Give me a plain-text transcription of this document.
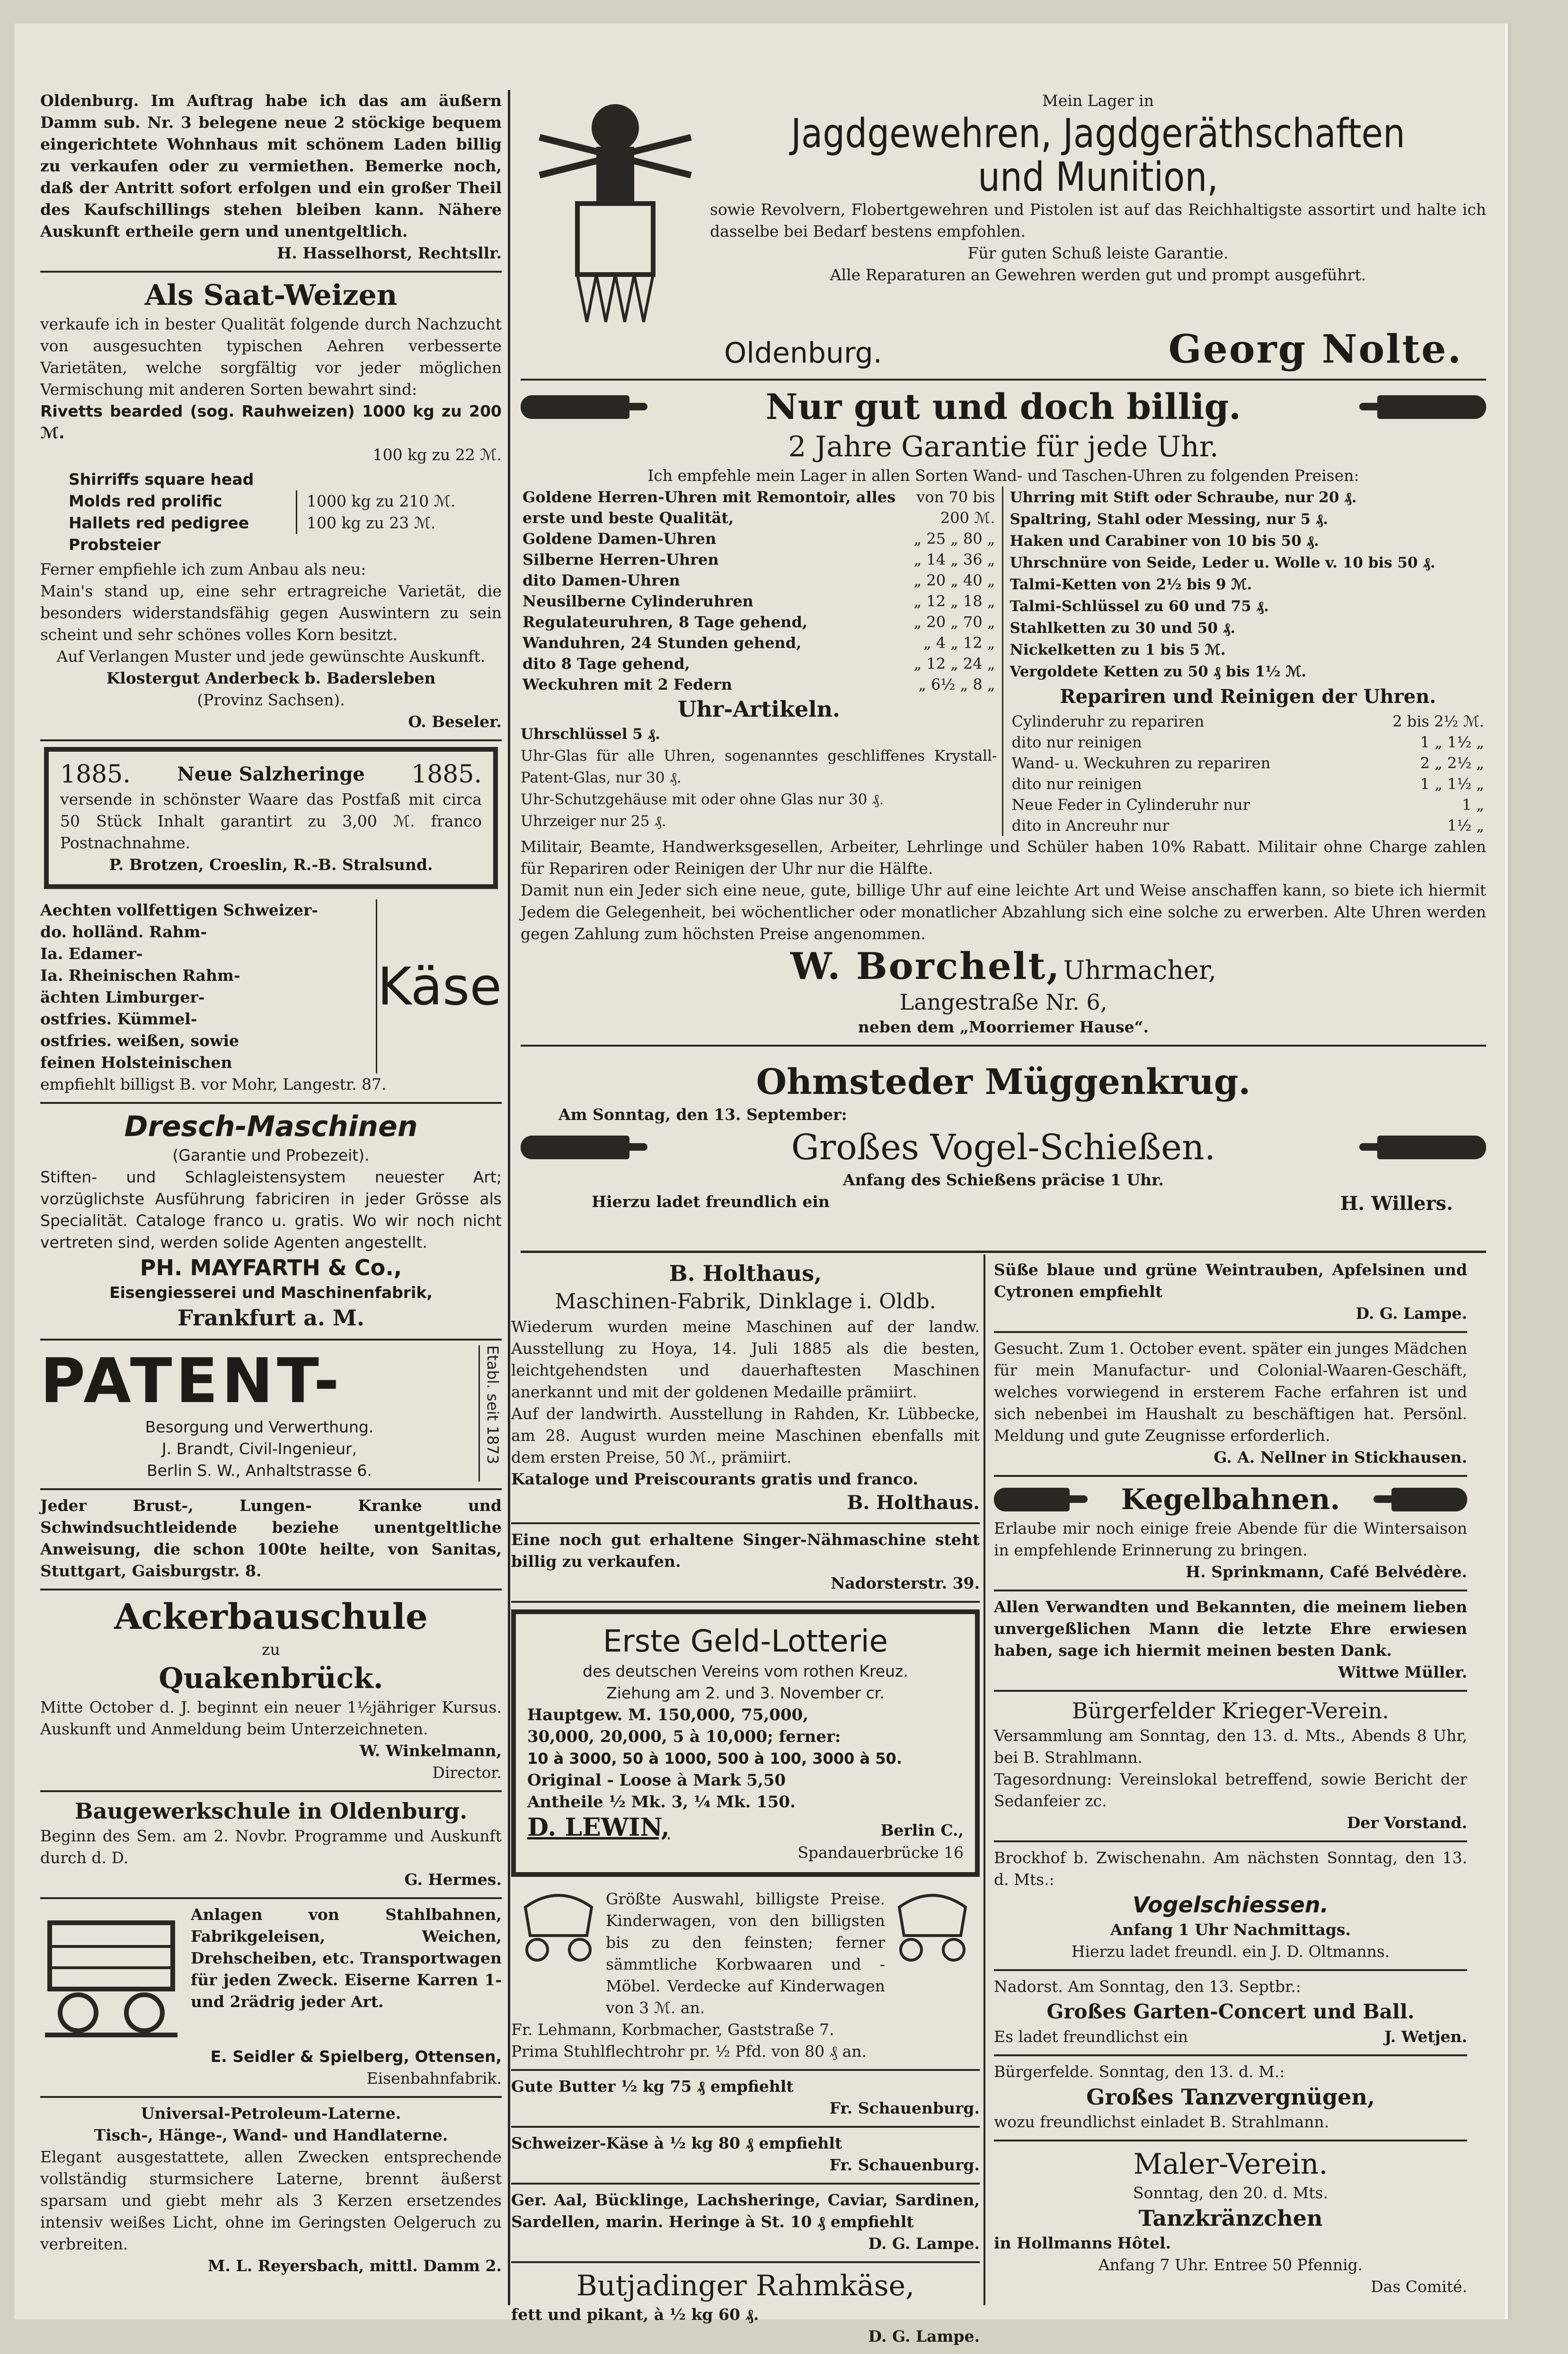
Oldenburg. Im Auftrag habe ich das am äußern Damm sub. Nr. 3 belegene neue 2 stöckige bequem eingerichtete Wohnhaus mit schönem Laden billig zu verkaufen oder zu vermiethen. Bemerke noch, daß der Antritt sofort erfolgen und ein großer Theil des Kaufschillings stehen bleiben kann. Nähere Auskunft ertheile gern und unentgeltlich.

H. Hasselhorst, Rechtsllr.

Als Saat-Weizen

verkaufe ich in bester Qualität folgende durch Nachzucht von ausgesuchten typischen Aehren verbesserte Varietäten, welche sorgfältig vor jeder möglichen Vermischung mit anderen Sorten bewahrt sind:

Rivetts bearded (sog. Rauhweizen) 1000 kg zu 200 ℳ.

100 kg zu 22 ℳ.

Shirriffs square head
Molds red prolific
Hallets red pedigree
Probsteier
1000 kg zu 210 ℳ.
100 kg zu 23 ℳ.

Ferner empfiehle ich zum Anbau als neu:

Main's stand up, eine sehr ertragreiche Varietät, die besonders widerstandsfähig gegen Auswintern zu sein scheint und sehr schönes volles Korn besitzt.

Auf Verlangen Muster und jede gewünschte Auskunft.

Klostergut Anderbeck b. Badersleben

(Provinz Sachsen).

O. Beseler.

1885. Neue Salzheringe 1885.

versende in schönster Waare das Postfaß mit circa 50 Stück Inhalt garantirt zu 3,00 ℳ. franco Postnachnahme.

P. Brotzen, Croeslin, R.-B. Stralsund.

Aechten vollfettigen Schweizer-
do. holländ. Rahm-
Ia. Edamer-
Ia. Rheinischen Rahm-
ächten Limburger-
ostfries. Kümmel-
ostfries. weißen, sowie
feinen Holsteinischen
Käse

empfiehlt billigst B. vor Mohr, Langestr. 87.

Dresch-Maschinen

(Garantie und Probezeit).

Stiften- und Schlagleistensystem neuester Art; vorzüglichste Ausführung fabriciren in jeder Grösse als Specialität. Cataloge franco u. gratis. Wo wir noch nicht vertreten sind, werden solide Agenten angestellt.

PH. MAYFARTH & Co.,

Eisengiesserei und Maschinenfabrik,

Frankfurt a. M.

PATENT-

Besorgung und Verwerthung.

J. Brandt, Civil-Ingenieur,

Berlin S. W., Anhaltstrasse 6.

Etabl. seit 1873

Jeder Brust-, Lungen- Kranke und Schwindsuchtleidende beziehe unentgeltliche Anweisung, die schon 100te heilte, von Sanitas, Stuttgart, Gaisburgstr. 8.

Ackerbauschule

zu

Quakenbrück.

Mitte October d. J. beginnt ein neuer 1½jähriger Kursus. Auskunft und Anmeldung beim Unterzeichneten.

W. Winkelmann,

Director.

Baugewerkschule in Oldenburg.

Beginn des Sem. am 2. Novbr. Programme und Auskunft durch d. D.

G. Hermes.

Anlagen von Stahlbahnen, Fabrikgeleisen, Weichen, Drehscheiben, etc. Transportwagen für jeden Zweck. Eiserne Karren 1- und 2rädrig jeder Art.

E. Seidler & Spielberg, Ottensen,

Eisenbahnfabrik.

Universal-Petroleum-Laterne.

Tisch-, Hänge-, Wand- und Handlaterne.

Elegant ausgestattete, allen Zwecken entsprechende vollständig sturmsichere Laterne, brennt äußerst sparsam und giebt mehr als 3 Kerzen ersetzendes intensiv weißes Licht, ohne im Geringsten Oelgeruch zu verbreiten.

M. L. Reyersbach, mittl. Damm 2.

Mein Lager in

Jagdgewehren, Jagdgeräthschaften

und Munition,

sowie Revolvern, Flobertgewehren und Pistolen ist auf das Reichhaltigste assortirt und halte ich dasselbe bei Bedarf bestens empfohlen.

Für guten Schuß leiste Garantie.

Alle Reparaturen an Gewehren werden gut und prompt ausgeführt.

Oldenburg.	Georg Nolte.
Nur gut und doch billig.

2 Jahre Garantie für jede Uhr.

Ich empfehle mein Lager in allen Sorten Wand- und Taschen-Uhren zu folgenden Preisen:

Goldene Herren-Uhren mit Remontoir, alles erste und beste Qualität,	von 70 bis 200 ℳ.
Goldene Damen-Uhren	„ 25 „ 80 „
Silberne Herren-Uhren	„ 14 „ 36 „
dito Damen-Uhren	„ 20 „ 40 „
Neusilberne Cylinderuhren	„ 12 „ 18 „
Regulateuruhren, 8 Tage gehend,	„ 20 „ 70 „
Wanduhren, 24 Stunden gehend,	„ 4 „ 12 „
dito 8 Tage gehend,	„ 12 „ 24 „
Weckuhren mit 2 Federn	„ 6½ „ 8 „

Uhr-Artikeln.

Uhrschlüssel 5 ₰.

Uhr-Glas für alle Uhren, sogenanntes geschliffenes Krystall-Patent-Glas, nur 30 ₰.

Uhr-Schutzgehäuse mit oder ohne Glas nur 30 ₰.

Uhrzeiger nur 25 ₰.

Uhrring mit Stift oder Schraube, nur 20 ₰.

Spaltring, Stahl oder Messing, nur 5 ₰.

Haken und Carabiner von 10 bis 50 ₰.

Uhrschnüre von Seide, Leder u. Wolle v. 10 bis 50 ₰.

Talmi-Ketten von 2½ bis 9 ℳ.

Talmi-Schlüssel zu 60 und 75 ₰.

Stahlketten zu 30 und 50 ₰.

Nickelketten zu 1 bis 5 ℳ.

Vergoldete Ketten zu 50 ₰ bis 1½ ℳ.

Repariren und Reinigen der Uhren.

Cylinderuhr zu repariren	2 bis 2½ ℳ.
dito nur reinigen	1 „ 1½ „
Wand- u. Weckuhren zu repariren	2 „ 2½ „
dito nur reinigen	1 „ 1½ „
Neue Feder in Cylinderuhr nur	1 „
dito in Ancreuhr nur	1½ „

Militair, Beamte, Handwerksgesellen, Arbeiter, Lehrlinge und Schüler haben 10% Rabatt. Militair ohne Charge zahlen für Repariren oder Reinigen der Uhr nur die Hälfte.

Damit nun ein Jeder sich eine neue, gute, billige Uhr auf eine leichte Art und Weise anschaffen kann, so biete ich hiermit Jedem die Gelegenheit, bei wöchentlicher oder monatlicher Abzahlung sich eine solche zu erwerben. Alte Uhren werden gegen Zahlung zum höchsten Preise angenommen.

W. Borchelt, Uhrmacher,

Langestraße Nr. 6,

neben dem „Moorriemer Hause“.

Ohmsteder Müggenkrug.

Am Sonntag, den 13. September:

Großes Vogel-Schießen.

Anfang des Schießens präcise 1 Uhr.

Hierzu ladet freundlich ein	H. Willers.

B. Holthaus,

Maschinen-Fabrik, Dinklage i. Oldb.

Wiederum wurden meine Maschinen auf der landw. Ausstellung zu Hoya, 14. Juli 1885 als die besten, leichtgehendsten und dauerhaftesten Maschinen anerkannt und mit der goldenen Medaille prämiirt.

Auf der landwirth. Ausstellung in Rahden, Kr. Lübbecke, am 28. August wurden meine Maschinen ebenfalls mit dem ersten Preise, 50 ℳ., prämiirt.

Kataloge und Preiscourants gratis und franco.

B. Holthaus.

Eine noch gut erhaltene Singer-Nähmaschine steht billig zu verkaufen.

Nadorsterstr. 39.

Erste Geld-Lotterie

des deutschen Vereins vom rothen Kreuz.

Ziehung am 2. und 3. November cr.

Hauptgew. M. 150,000, 75,000,

30,000, 20,000, 5 à 10,000; ferner:

10 à 3000, 50 à 1000, 500 à 100, 3000 à 50.

Original - Loose à Mark 5,50

Antheile ½ Mk. 3, ¼ Mk. 150.

D. LEWIN,	Berlin C.,

Spandauerbrücke 16

Größte Auswahl, billigste Preise. Kinderwagen, von den billigsten bis zu den feinsten; ferner sämmtliche Korbwaaren und -Möbel. Verdecke auf Kinderwagen von 3 ℳ. an.

Fr. Lehmann, Korbmacher, Gaststraße 7.

Prima Stuhlflechtrohr pr. ½ Pfd. von 80 ₰ an.

Gute Butter ½ kg 75 ₰ empfiehlt

Fr. Schauenburg.

Schweizer-Käse à ½ kg 80 ₰ empfiehlt

Fr. Schauenburg.

Ger. Aal, Bücklinge, Lachsheringe, Caviar, Sardinen, Sardellen, marin. Heringe à St. 10 ₰ empfiehlt

D. G. Lampe.

Butjadinger Rahmkäse,

fett und pikant, à ½ kg 60 ₰.

D. G. Lampe.

Süße blaue und grüne Weintrauben, Apfelsinen und Cytronen empfiehlt

D. G. Lampe.

Gesucht. Zum 1. October event. später ein junges Mädchen für mein Manufactur- und Colonial-Waaren-Geschäft, welches vorwiegend in ersterem Fache erfahren ist und sich nebenbei im Haushalt zu beschäftigen hat. Persönl. Meldung und gute Zeugnisse erforderlich.

G. A. Nellner in Stickhausen.

Kegelbahnen.

Erlaube mir noch einige freie Abende für die Wintersaison in empfehlende Erinnerung zu bringen.

H. Sprinkmann, Café Belvédère.

Allen Verwandten und Bekannten, die meinem lieben unvergeßlichen Mann die letzte Ehre erwiesen haben, sage ich hiermit meinen besten Dank.

Wittwe Müller.

Bürgerfelder Krieger-Verein.

Versammlung am Sonntag, den 13. d. Mts., Abends 8 Uhr, bei B. Strahlmann.

Tagesordnung: Vereinslokal betreffend, sowie Bericht der Sedanfeier zc.

Der Vorstand.

Brockhof b. Zwischenahn. Am nächsten Sonntag, den 13. d. Mts.:

Vogelschiessen.

Anfang 1 Uhr Nachmittags.

Hierzu ladet freundl. ein J. D. Oltmanns.

Nadorst. Am Sonntag, den 13. Septbr.:

Großes Garten-Concert und Ball.

Es ladet freundlichst ein	J. Wetjen.

Bürgerfelde. Sonntag, den 13. d. M.:

Großes Tanzvergnügen,

wozu freundlichst einladet B. Strahlmann.

Maler-Verein.

Sonntag, den 20. d. Mts.

Tanzkränzchen

in Hollmanns Hôtel.

Anfang 7 Uhr. Entree 50 Pfennig.

Das Comité.
